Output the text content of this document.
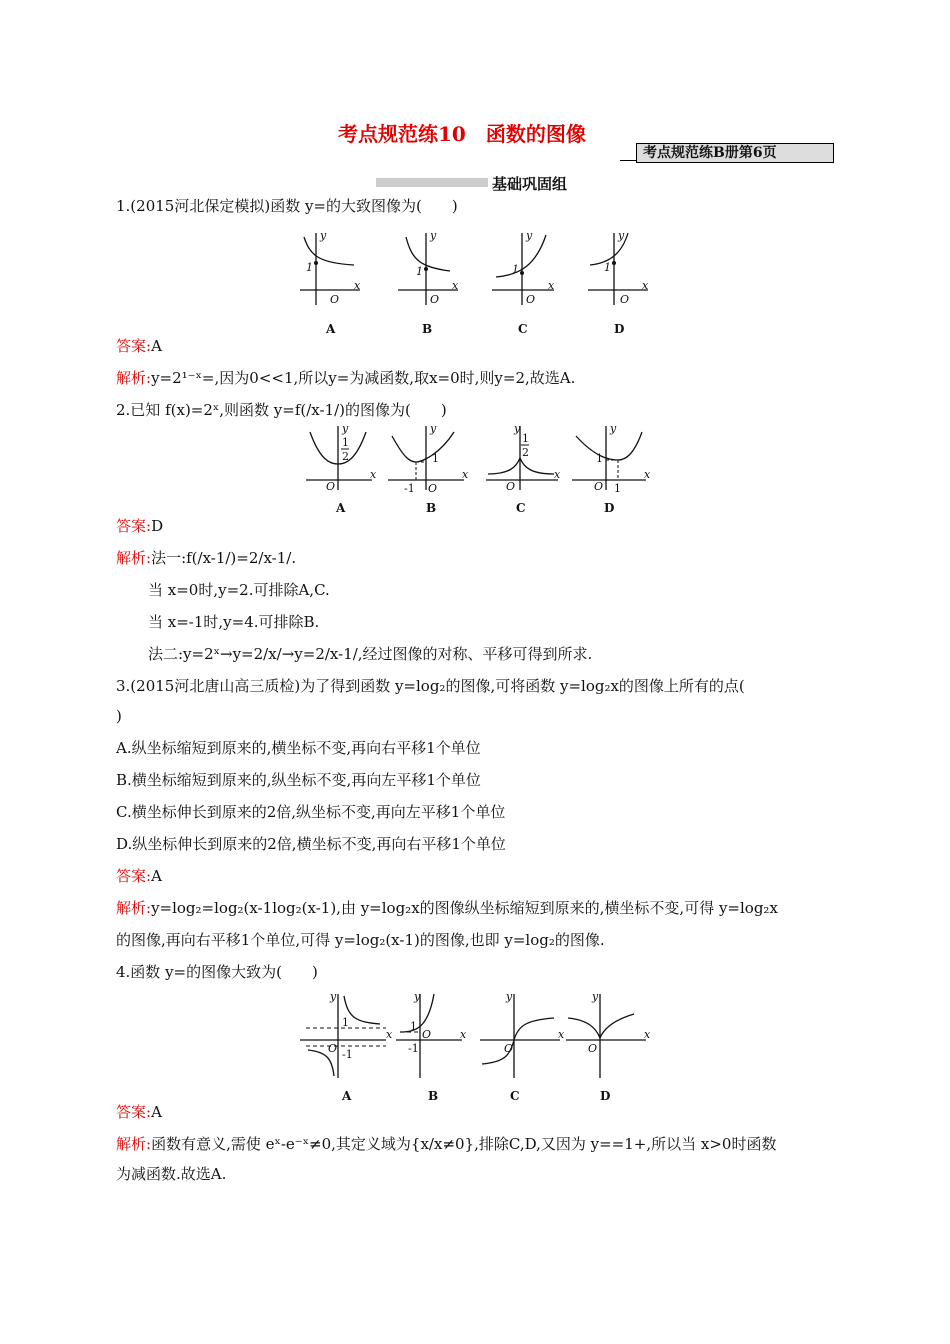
考点规范练10　函数的图像
考点规范练B册第6页
基础巩固组
1.(2015河北保定模拟)函数 y=的大致图像为(　　)
y
x
O
1
y
x
O
1
y
x
O
1
y
x
O
1
A	B	C	D
答案:A
解析:y=2¹⁻ˣ=,因为0<<1,所以y=为减函数,取x=0时,则y=2,故选A.
2.已知 f(x)=2ˣ,则函数 y=f(/x-1/)的图像为(　　)
y
x
O
1
2
y
x
O
-1
1
y
x
O
1
2
y
x
O
1
1
A	B	C	D
答案:D
解析:法一:f(/x-1/)=2/x-1/.
当 x=0时,y=2.可排除A,C.
当 x=-1时,y=4.可排除B.
法二:y=2ˣ→y=2/x/→y=2/x-1/,经过图像的对称、平移可得到所求.
3.(2015河北唐山高三质检)为了得到函数 y=log₂的图像,可将函数 y=log₂x的图像上所有的点(
)
A.纵坐标缩短到原来的,横坐标不变,再向右平移1个单位
B.横坐标缩短到原来的,纵坐标不变,再向左平移1个单位
C.横坐标伸长到原来的2倍,纵坐标不变,再向左平移1个单位
D.纵坐标伸长到原来的2倍,横坐标不变,再向右平移1个单位
答案:A
解析:y=log₂=log₂(x-1log₂(x-1),由 y=log₂x的图像纵坐标缩短到原来的,横坐标不变,可得 y=log₂x
的图像,再向右平移1个单位,可得 y=log₂(x-1)的图像,也即 y=log₂的图像.
4.函数 y=的图像大致为(　　)
y
x
O
1
-1
y
x
O
1
-1
y
x
O
y
x
O
A	B	C	D
答案:A
解析:函数有意义,需使 eˣ-e⁻ˣ≠0,其定义域为{x/x≠0},排除C,D,又因为 y==1+,所以当 x>0时函数
为减函数.故选A.
